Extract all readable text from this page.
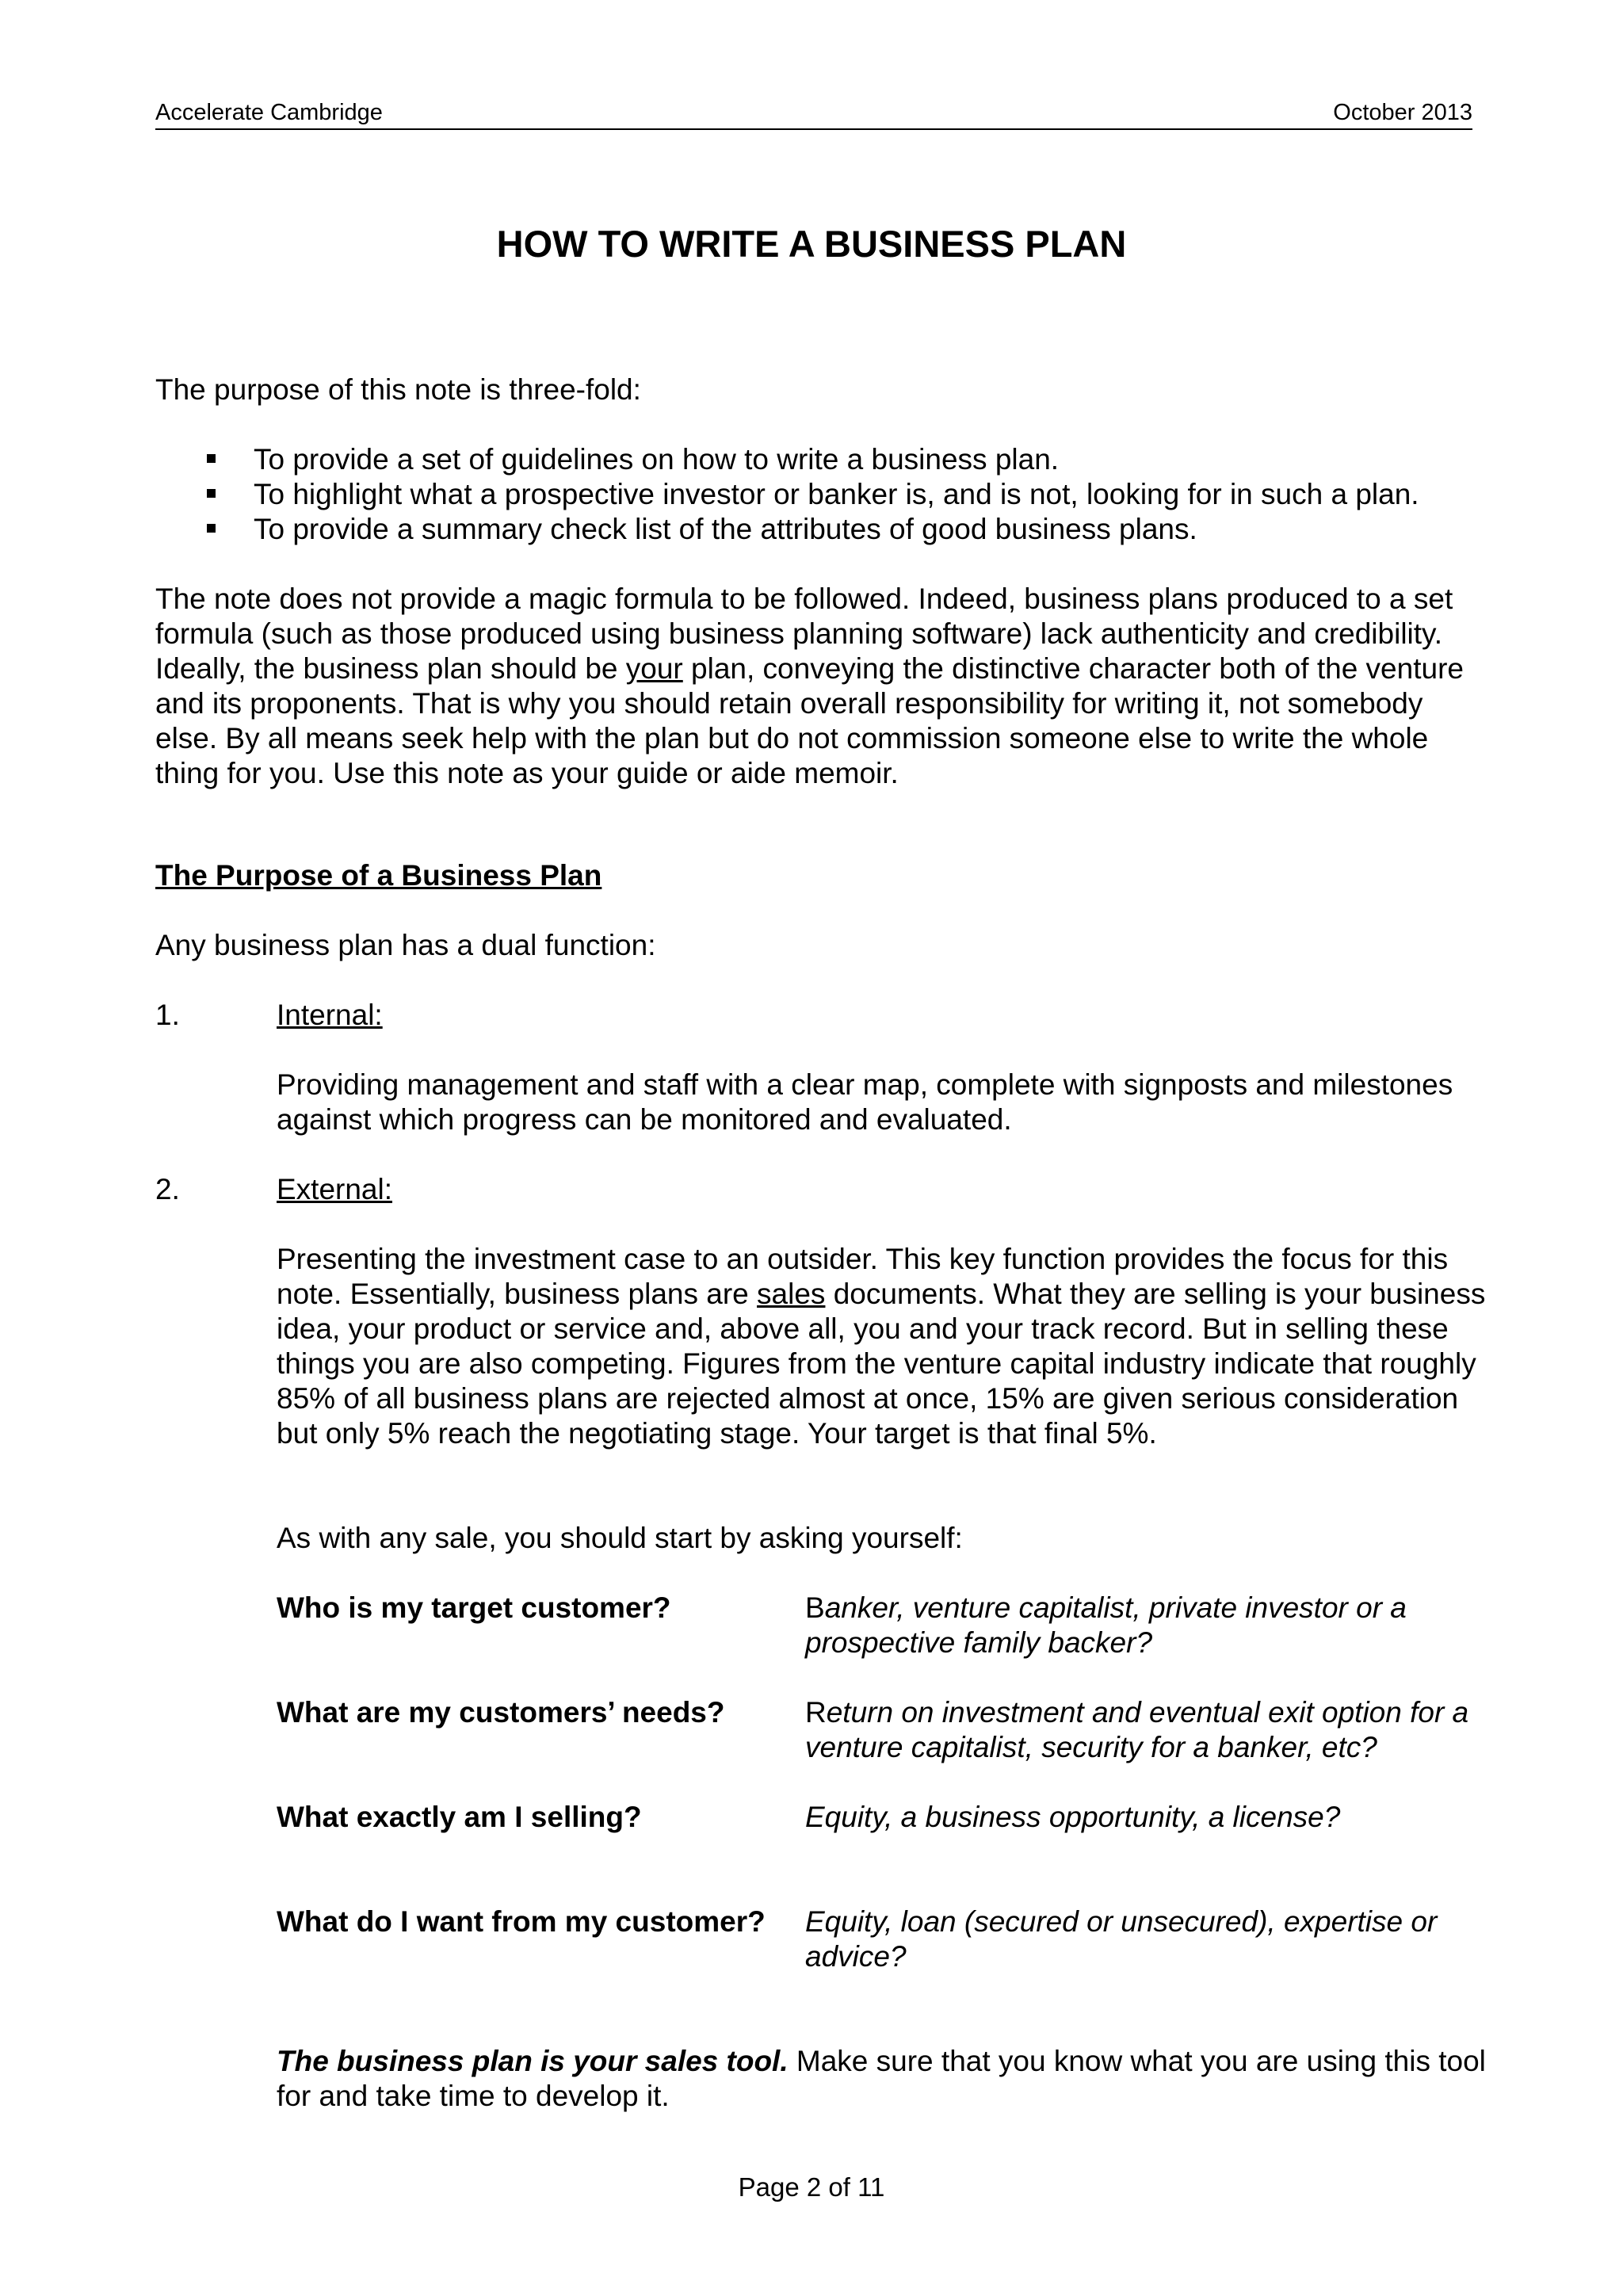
Accelerate Cambridge	October 2013
HOW TO WRITE A BUSINESS PLAN

The purpose of this note is three-fold:

To provide a set of guidelines on how to write a business plan.
To highlight what a prospective investor or banker is, and is not, looking for in such a plan.
To provide a summary check list of the attributes of good business plans.

The note does not provide a magic formula to be followed. Indeed, business plans produced to a set formula (such as those produced using business planning software) lack authenticity and credibility. Ideally, the business plan should be your plan, conveying the distinctive character both of the venture and its proponents. That is why you should retain overall responsibility for writing it, not somebody else. By all means seek help with the plan but do not commission someone else to write the whole thing for you. Use this note as your guide or aide memoir.

The Purpose of a Business Plan

Any business plan has a dual function:

1.	Internal:

Providing management and staff with a clear map, complete with signposts and milestones against which progress can be monitored and evaluated.

2.	External:

Presenting the investment case to an outsider. This key function provides the focus for this note. Essentially, business plans are sales documents. What they are selling is your business idea, your product or service and, above all, you and your track record. But in selling these things you are also competing. Figures from the venture capital industry indicate that roughly 85% of all business plans are rejected almost at once, 15% are given serious consideration but only 5% reach the negotiating stage. Your target is that final 5%.

As with any sale, you should start by asking yourself:

Who is my target customer?	Banker, venture capitalist, private investor or a prospective family backer?

What are my customers’ needs?	Return on investment and eventual exit option for a venture capitalist, security for a banker, etc?

What exactly am I selling?	Equity, a business opportunity, a license?

What do I want from my customer? Equity, loan (secured or unsecured), expertise or advice?

The business plan is your sales tool. Make sure that you know what you are using this tool for and take time to develop it.

Page 2 of 11
